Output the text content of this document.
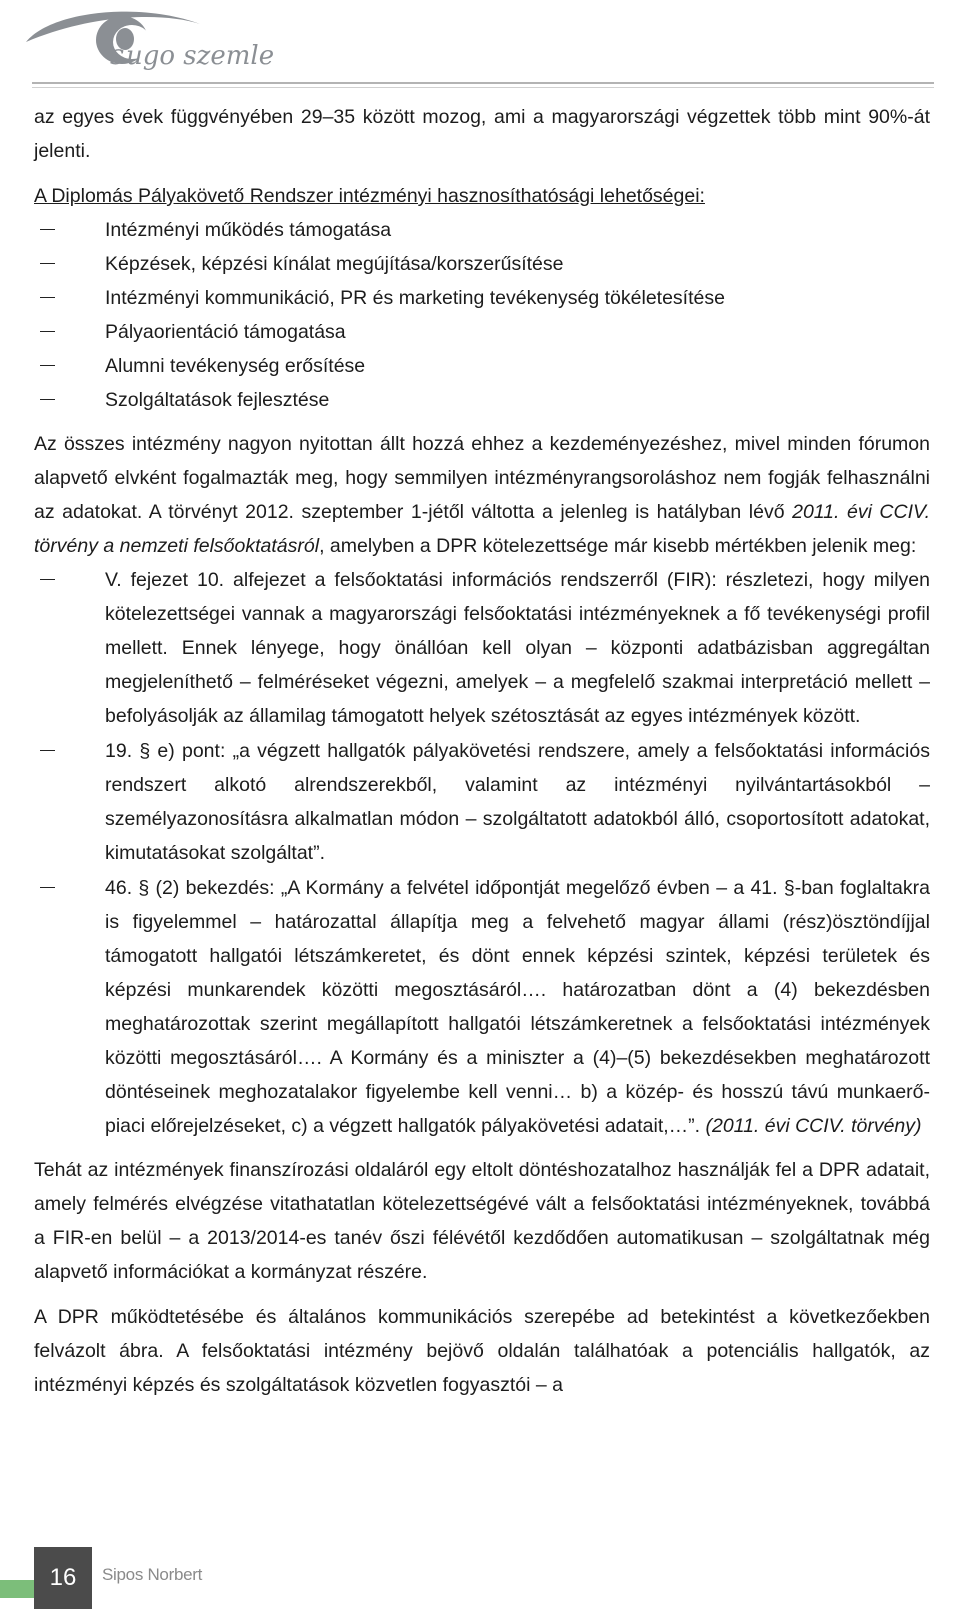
s ugo szemle

az egyes évek függvényében 29‒35 között mozog, ami a magyarországi végzettek több mint 90%-át jelenti.

A Diplomás Pályakövető Rendszer intézményi hasznosíthatósági lehetőségei:

Intézményi működés támogatása
Képzések, képzési kínálat megújítása/korszerűsítése
Intézményi kommunikáció, PR és marketing tevékenység tökéletesítése
Pályaorientáció támogatása
Alumni tevékenység erősítése
Szolgáltatások fejlesztése

Az összes intézmény nagyon nyitottan állt hozzá ehhez a kezdeményezéshez, mivel minden fórumon alapvető elvként fogalmazták meg, hogy semmilyen intézményrangsoroláshoz nem fogják felhasználni az adatokat. A törvényt 2012. szeptember 1-jétől váltotta a jelenleg is hatályban lévő 2011. évi CCIV. törvény a nemzeti felsőoktatásról, amelyben a DPR kötelezettsége már kisebb mértékben jelenik meg:

V. fejezet 10. alfejezet a felsőoktatási információs rendszerről (FIR): részletezi, hogy milyen kötelezettségei vannak a magyarországi felsőoktatási intézményeknek a fő tevékenységi profil mellett. Ennek lényege, hogy önállóan kell olyan – központi adatbázisban aggregáltan megjeleníthető – felméréseket végezni, amelyek – a megfelelő szakmai interpretáció mellett – befolyásolják az államilag támogatott helyek szétosztását az egyes intézmények között.
19. § e) pont: „a végzett hallgatók pályakövetési rendszere, amely a felsőoktatási információs rendszert alkotó alrendszerekből, valamint az intézményi nyilvántartásokból – személyazonosításra alkalmatlan módon – szolgáltatott adatokból álló, csoportosított adatokat, kimutatásokat szolgáltat”.
46. § (2) bekezdés: „A Kormány a felvétel időpontját megelőző évben – a 41. §-ban foglaltakra is figyelemmel – határozattal állapítja meg a felvehető magyar állami (rész)ösztöndíjjal támogatott hallgatói létszámkeretet, és dönt ennek képzési szintek, képzési területek és képzési munkarendek közötti megosztásáról…. határozatban dönt a (4) bekezdésben meghatározottak szerint megállapított hallgatói létszámkeretnek a felsőoktatási intézmények közötti megosztásáról…. A Kormány és a miniszter a (4)–(5) bekezdésekben meghatározott döntéseinek meghozatalakor figyelembe kell venni… b) a közép- és hosszú távú munkaerő-piaci előrejelzéseket, c) a végzett hallgatók pályakövetési adatait,…”. (2011. évi CCIV. törvény)

Tehát az intézmények finanszírozási oldaláról egy eltolt döntéshozatalhoz használják fel a DPR adatait, amely felmérés elvégzése vitathatatlan kötelezettségévé vált a felsőoktatási intézményeknek, továbbá a FIR-en belül – a 2013/2014-es tanév őszi félévétől kezdődően automatikusan – szolgáltatnak még alapvető információkat a kormányzat részére.

A DPR működtetésébe és általános kommunikációs szerepébe ad betekintést a következőekben felvázolt ábra. A felsőoktatási intézmény bejövő oldalán találhatóak a potenciális hallgatók, az intézményi képzés és szolgáltatások közvetlen fogyasztói – a

16	Sipos Norbert
